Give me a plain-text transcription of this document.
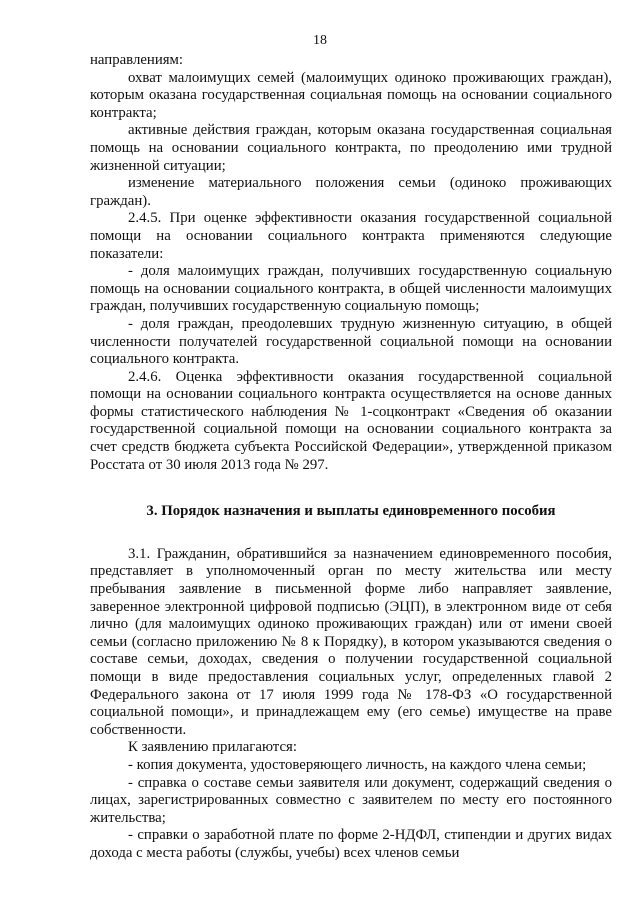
18

направлениям:

охват малоимущих семей (малоимущих одиноко проживающих граждан), которым оказана государственная социальная помощь на основании социального контракта;

активные действия граждан, которым оказана государственная социальная помощь на основании социального контракта, по преодолению ими трудной жизненной ситуации;

изменение материального положения семьи (одиноко проживающих граждан).

2.4.5. При оценке эффективности оказания государственной социальной помощи на основании социального контракта применяются следующие показатели:

- доля малоимущих граждан, получивших государственную социальную помощь на основании социального контракта, в общей численности малоимущих граждан, получивших государственную социальную помощь;

- доля граждан, преодолевших трудную жизненную ситуацию, в общей численности получателей государственной социальной помощи на основании социального контракта.

2.4.6. Оценка эффективности оказания государственной социальной помощи на основании социального контракта осуществляется на основе данных формы статистического наблюдения № 1-соцконтракт «Сведения об оказании государственной социальной помощи на основании социального контракта за счет средств бюджета субъекта Российской Федерации», утвержденной приказом Росстата от 30 июля 2013 года № 297.

3. Порядок назначения и выплаты единовременного пособия

3.1. Гражданин, обратившийся за назначением единовременного пособия, представляет в уполномоченный орган по месту жительства или месту пребывания заявление в письменной форме либо направляет заявление, заверенное электронной цифровой подписью (ЭЦП), в электронном виде от себя лично (для малоимущих одиноко проживающих граждан) или от имени своей семьи (согласно приложению № 8 к Порядку), в котором указываются сведения о составе семьи, доходах, сведения о получении государственной социальной помощи в виде предоставления социальных услуг, определенных главой 2 Федерального закона от 17 июля 1999 года № 178-ФЗ «О государственной социальной помощи», и принадлежащем ему (его семье) имуществе на праве собственности.

К заявлению прилагаются:

- копия документа, удостоверяющего личность, на каждого члена семьи;

- справка о составе семьи заявителя или документ, содержащий сведения о лицах, зарегистрированных совместно с заявителем по месту его постоянного жительства;

- справки о заработной плате по форме 2-НДФЛ, стипендии и других видах дохода с места работы (службы, учебы) всех членов семьи
